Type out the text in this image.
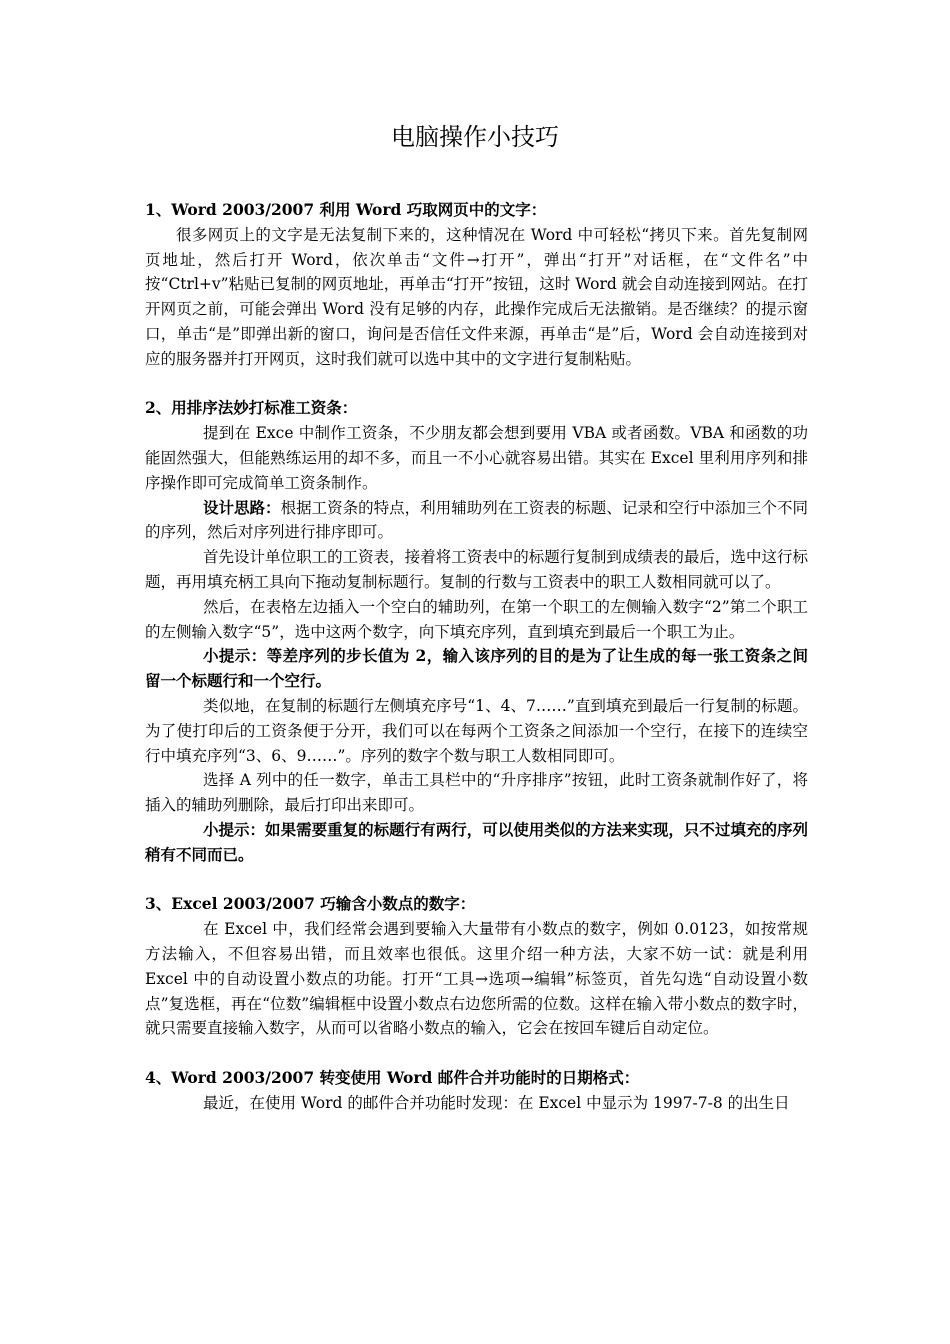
电脑操作小技巧

1、Word 2003/2007 利用 Word 巧取网页中的文字：

很多网页上的文字是无法复制下来的，这种情况在 Word 中可轻松“拷贝下来。首先复制网页地址，然后打开 Word，依次单击“文件→打开”，弹出“打开”对话框，在“文件名”中按“Ctrl+v”粘贴已复制的网页地址，再单击“打开”按钮，这时 Word 就会自动连接到网站。在打开网页之前，可能会弹出 Word 没有足够的内存，此操作完成后无法撤销。是否继续？的提示窗口，单击“是”即弹出新的窗口，询问是否信任文件来源，再单击“是”后，Word 会自动连接到对应的服务器并打开网页，这时我们就可以选中其中的文字进行复制粘贴。

2、用排序法妙打标准工资条：

提到在 Exce 中制作工资条，不少朋友都会想到要用 VBA 或者函数。VBA 和函数的功能固然强大，但能熟练运用的却不多，而且一不小心就容易出错。其实在 Excel 里利用序列和排序操作即可完成简单工资条制作。

设计思路：根据工资条的特点，利用辅助列在工资表的标题、记录和空行中添加三个不同的序列，然后对序列进行排序即可。

首先设计单位职工的工资表，接着将工资表中的标题行复制到成绩表的最后，选中这行标题，再用填充柄工具向下拖动复制标题行。复制的行数与工资表中的职工人数相同就可以了。

然后，在表格左边插入一个空白的辅助列，在第一个职工的左侧输入数字“2”第二个职工的左侧输入数字“5”，选中这两个数字，向下填充序列，直到填充到最后一个职工为止。

小提示：等差序列的步长值为 2，输入该序列的目的是为了让生成的每一张工资条之间留一个标题行和一个空行。

类似地，在复制的标题行左侧填充序号“1、4、7……”直到填充到最后一行复制的标题。为了使打印后的工资条便于分开，我们可以在每两个工资条之间添加一个空行，在接下的连续空行中填充序列“3、6、9……”。序列的数字个数与职工人数相同即可。

选择 A 列中的任一数字，单击工具栏中的“升序排序”按钮，此时工资条就制作好了，将插入的辅助列删除，最后打印出来即可。

小提示：如果需要重复的标题行有两行，可以使用类似的方法来实现，只不过填充的序列稍有不同而已。

3、Excel 2003/2007 巧输含小数点的数字：

在 Excel 中，我们经常会遇到要输入大量带有小数点的数字，例如 0.0123，如按常规方法输入，不但容易出错，而且效率也很低。这里介绍一种方法，大家不妨一试：就是利用 Excel 中的自动设置小数点的功能。打开“工具→选项→编辑”标签页，首先勾选“自动设置小数点”复选框，再在“位数”编辑框中设置小数点右边您所需的位数。这样在输入带小数点的数字时，就只需要直接输入数字，从而可以省略小数点的输入，它会在按回车键后自动定位。

4、Word 2003/2007 转变使用 Word 邮件合并功能时的日期格式：

最近，在使用 Word 的邮件合并功能时发现：在 Excel 中显示为 1997-7-8 的出生日
